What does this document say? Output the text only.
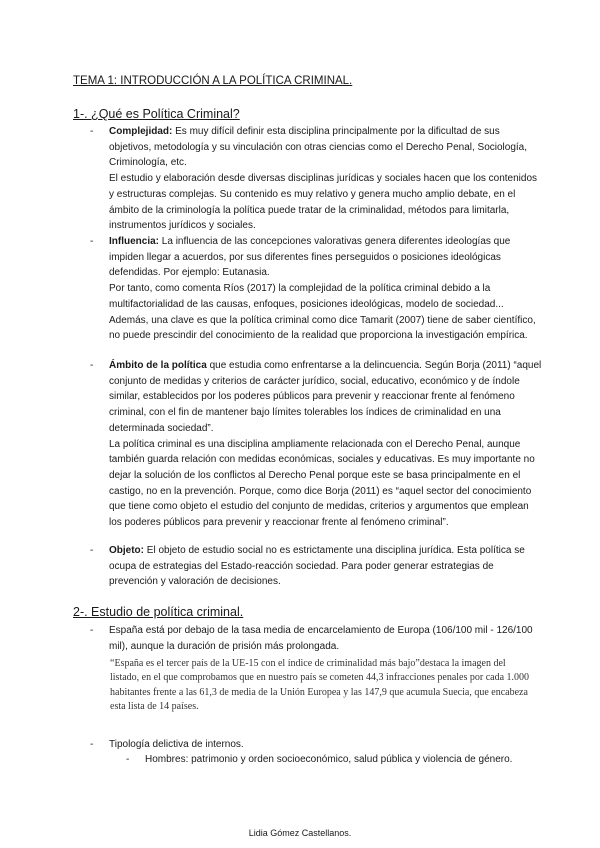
TEMA 1: INTRODUCCIÓN A LA POLÍTICA CRIMINAL.
1-. ¿Qué es Política Criminal?
- Complejidad: Es muy difícil definir esta disciplina principalmente por la dificultad de sus objetivos, metodología y su vinculación con otras ciencias como el Derecho Penal, Sociología, Criminología, etc.

El estudio y elaboración desde diversas disciplinas jurídicas y sociales hacen que los contenidos y estructuras complejas. Su contenido es muy relativo y genera mucho amplio debate, en el ámbito de la criminología la política puede tratar de la criminalidad, métodos para limitarla, instrumentos jurídicos y sociales.

- Influencia: La influencia de las concepciones valorativas genera diferentes ideologías que impiden llegar a acuerdos, por sus diferentes fines perseguidos o posiciones ideológicas defendidas. Por ejemplo: Eutanasia.

Por tanto, como comenta Ríos (2017) la complejidad de la política criminal debido a la multifactorialidad de las causas, enfoques, posiciones ideológicas, modelo de sociedad... Además, una clave es que la política criminal como dice Tamarit (2007) tiene de saber científico, no puede prescindir del conocimiento de la realidad que proporciona la investigación empírica.

- Ámbito de la política que estudia como enfrentarse a la delincuencia. Según Borja (2011) “aquel conjunto de medidas y criterios de carácter jurídico, social, educativo, económico y de índole similar, establecidos por los poderes públicos para prevenir y reaccionar frente al fenómeno criminal, con el fin de mantener bajo límites tolerables los índices de criminalidad en una determinada sociedad”.

La política criminal es una disciplina ampliamente relacionada con el Derecho Penal, aunque también guarda relación con medidas económicas, sociales y educativas. Es muy importante no dejar la solución de los conflictos al Derecho Penal porque este se basa principalmente en el castigo, no en la prevención. Porque, como dice Borja (2011) es “aquel sector del conocimiento que tiene como objeto el estudio del conjunto de medidas, criterios y argumentos que emplean los poderes públicos para prevenir y reaccionar frente al fenómeno criminal”.

- Objeto: El objeto de estudio social no es estrictamente una disciplina jurídica. Esta política se ocupa de estrategias del Estado-reacción sociedad. Para poder generar estrategias de prevención y valoración de decisiones.

2-. Estudio de política criminal.
- España está por debajo de la tasa media de encarcelamiento de Europa (106/100 mil - 126/100 mil), aunque la duración de prisión más prolongada.

“España es el tercer país de la UE-15 con el índice de criminalidad más bajo”destaca la imagen del listado, en el que comprobamos que en nuestro país se cometen 44,3 infracciones penales por cada 1.000 habitantes frente a las 61,3 de media de la Unión Europea y las 147,9 que acumula Suecia, que encabeza esta lista de 14 países.
- Tipología delictiva de internos.

- Hombres: patrimonio y orden socioeconómico, salud pública y violencia de género.

Lidia Gómez Castellanos.
